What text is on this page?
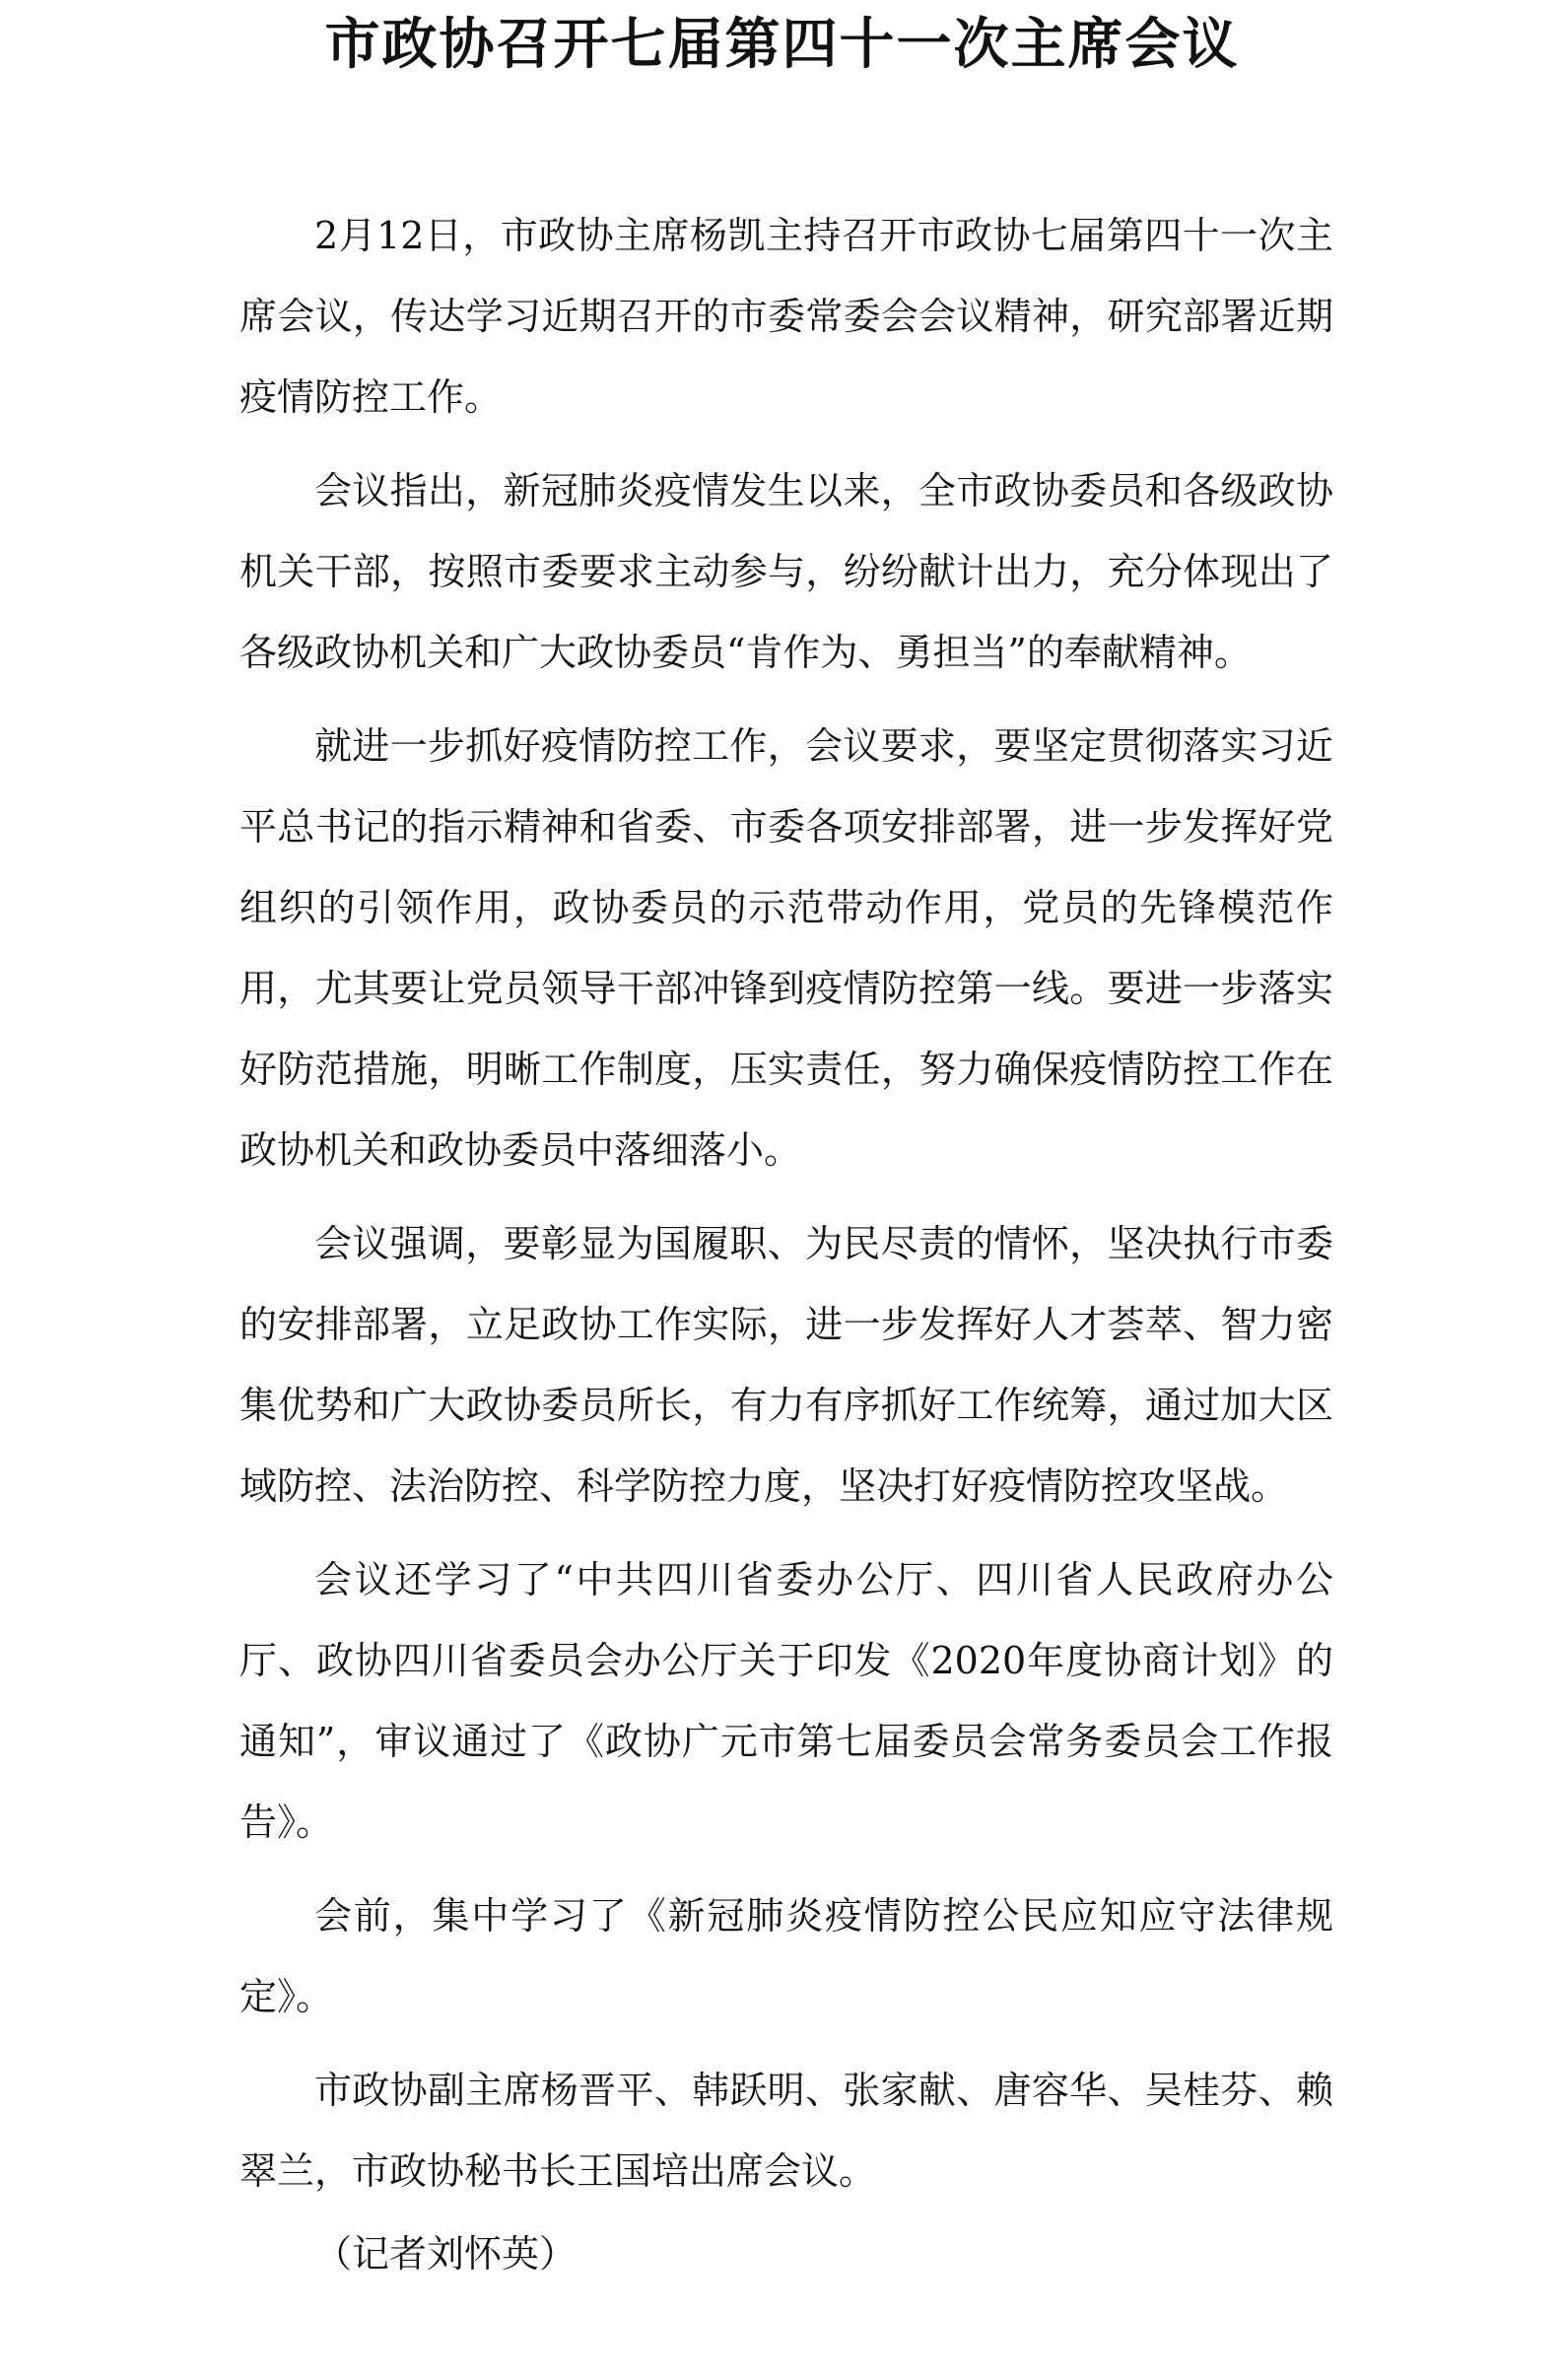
市政协召开七届第四十一次主席会议

2月12日，市政协主席杨凯主持召开市政协七届第四十一次主席会议，传达学习近期召开的市委常委会会议精神，研究部署近期疫情防控工作。

会议指出，新冠肺炎疫情发生以来，全市政协委员和各级政协机关干部，按照市委要求主动参与，纷纷献计出力，充分体现出了各级政协机关和广大政协委员“肯作为、勇担当”的奉献精神。

就进一步抓好疫情防控工作，会议要求，要坚定贯彻落实习近平总书记的指示精神和省委、市委各项安排部署，进一步发挥好党组织的引领作用，政协委员的示范带动作用，党员的先锋模范作用，尤其要让党员领导干部冲锋到疫情防控第一线。要进一步落实好防范措施，明晰工作制度，压实责任，努力确保疫情防控工作在政协机关和政协委员中落细落小。

会议强调，要彰显为国履职、为民尽责的情怀，坚决执行市委的安排部署，立足政协工作实际，进一步发挥好人才荟萃、智力密集优势和广大政协委员所长，有力有序抓好工作统筹，通过加大区域防控、法治防控、科学防控力度，坚决打好疫情防控攻坚战。

会议还学习了“中共四川省委办公厅、四川省人民政府办公厅、政协四川省委员会办公厅关于印发《2020年度协商计划》的通知”，审议通过了《政协广元市第七届委员会常务委员会工作报告》。

会前，集中学习了《新冠肺炎疫情防控公民应知应守法律规定》。

市政协副主席杨晋平、韩跃明、张家献、唐容华、吴桂芬、赖翠兰，市政协秘书长王国培出席会议。

（记者刘怀英）
